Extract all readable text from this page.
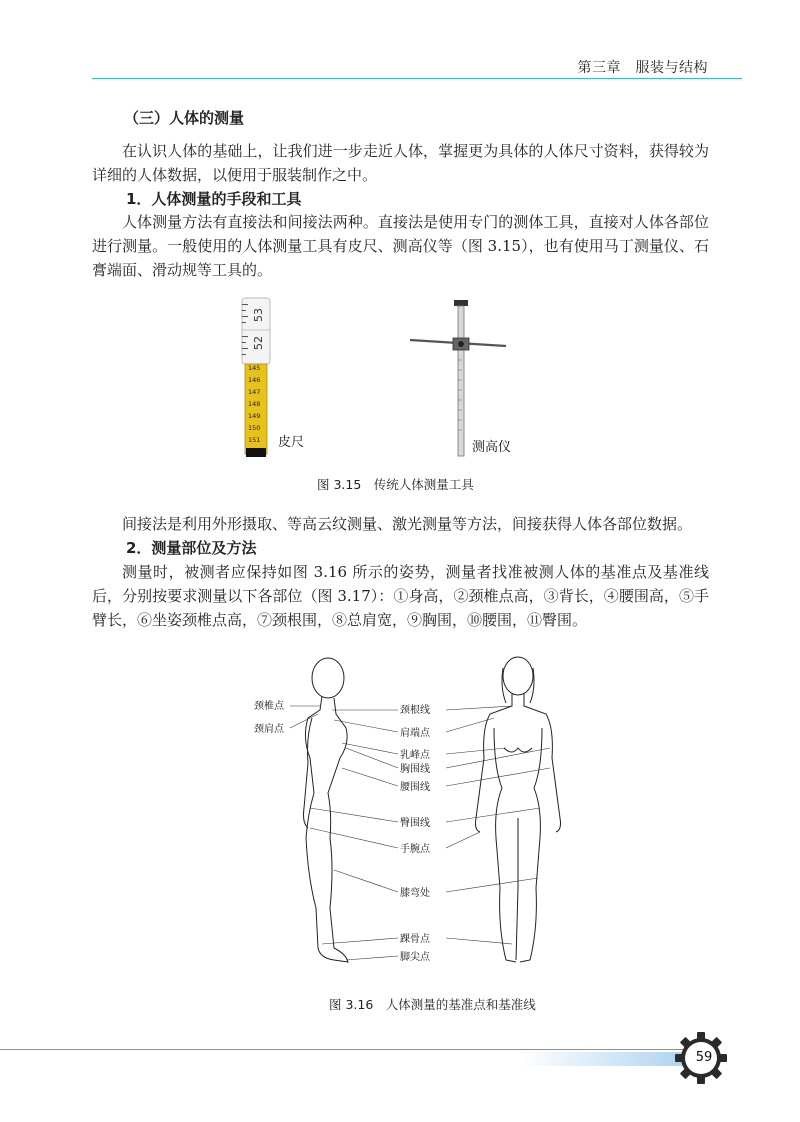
第三章　服装与结构
（三）人体的测量
在认识人体的基础上，让我们进一步走近人体，掌握更为具体的人体尺寸资料，获得较为详细的人体数据，以便用于服装制作之中。
1．人体测量的手段和工具
人体测量方法有直接法和间接法两种。直接法是使用专门的测体工具，直接对人体各部位进行测量。一般使用的人体测量工具有皮尺、测高仪等（图 3.15），也有使用马丁测量仪、石膏端面、滑动规等工具的。
53
52
145
146
147
148
149
150
151 皮尺	测高仪
图 3.15　传统人体测量工具
间接法是利用外形摄取、等高云纹测量、激光测量等方法，间接获得人体各部位数据。
2．测量部位及方法
测量时，被测者应保持如图 3.16 所示的姿势，测量者找准被测人体的基准点及基准线后，分别按要求测量以下各部位（图 3.17）：①身高，②颈椎点高，③背长，④腰围高，⑤手臂长，⑥坐姿颈椎点高，⑦颈根围，⑧总肩宽，⑨胸围，⑩腰围，⑪臀围。
颈椎点
颈肩点
颈根线
肩端点
乳峰点
胸围线
腰围线
臀围线
手腕点
膝弯处
踝骨点
脚尖点
图 3.16　人体测量的基准点和基准线
59
